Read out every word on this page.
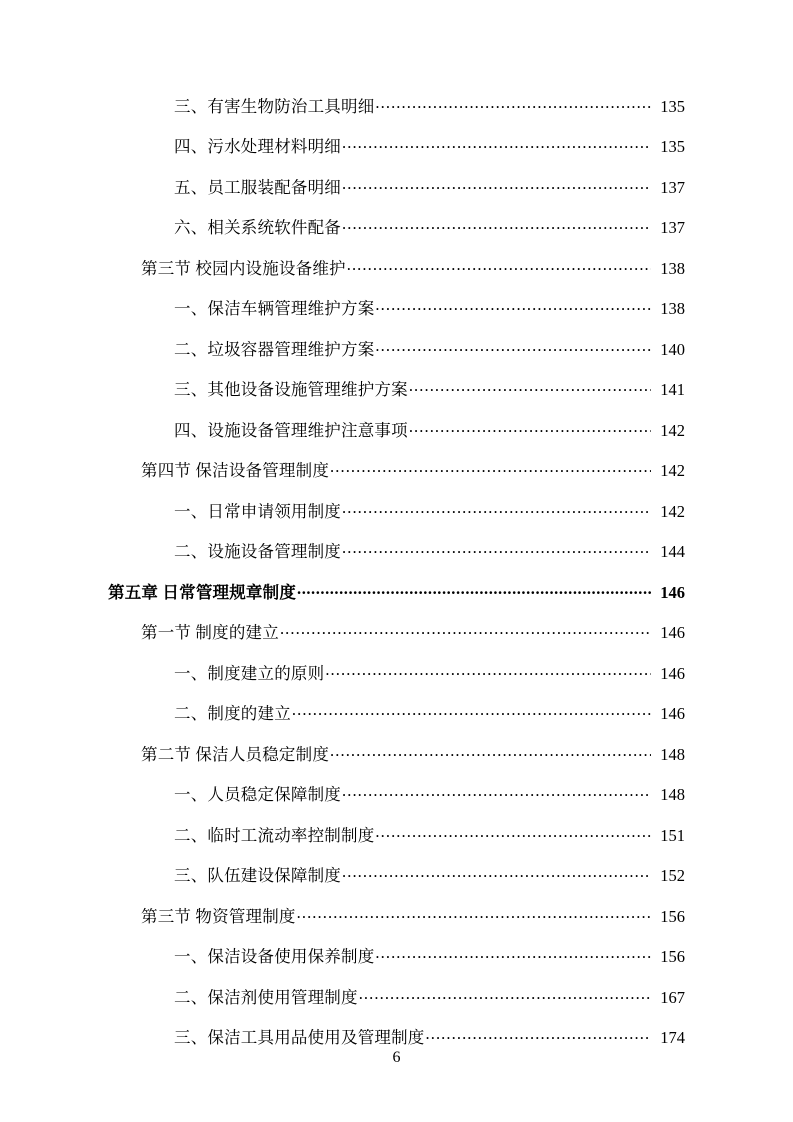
三、有害生物防治工具明细 .....	135
四、污水处理材料明细 .....	135
五、员工服装配备明细 .....	137
六、相关系统软件配备 .....	137
第三节 校园内设施设备维护 .....	138
一、保洁车辆管理维护方案 .....	138
二、垃圾容器管理维护方案 .....	140
三、其他设备设施管理维护方案 .....	141
四、设施设备管理维护注意事项 .....	142
第四节 保洁设备管理制度 .....	142
一、日常申请领用制度 .....	142
二、设施设备管理制度 .....	144
第五章 日常管理规章制度 .....	146
第一节 制度的建立 .....	146
一、制度建立的原则 .....	146
二、制度的建立 .....	146
第二节 保洁人员稳定制度 .....	148
一、人员稳定保障制度 .....	148
二、临时工流动率控制制度 .....	151
三、队伍建设保障制度 .....	152
第三节 物资管理制度 .....	156
一、保洁设备使用保养制度 .....	156
二、保洁剂使用管理制度 .....	167
三、保洁工具用品使用及管理制度 .....	174
6
